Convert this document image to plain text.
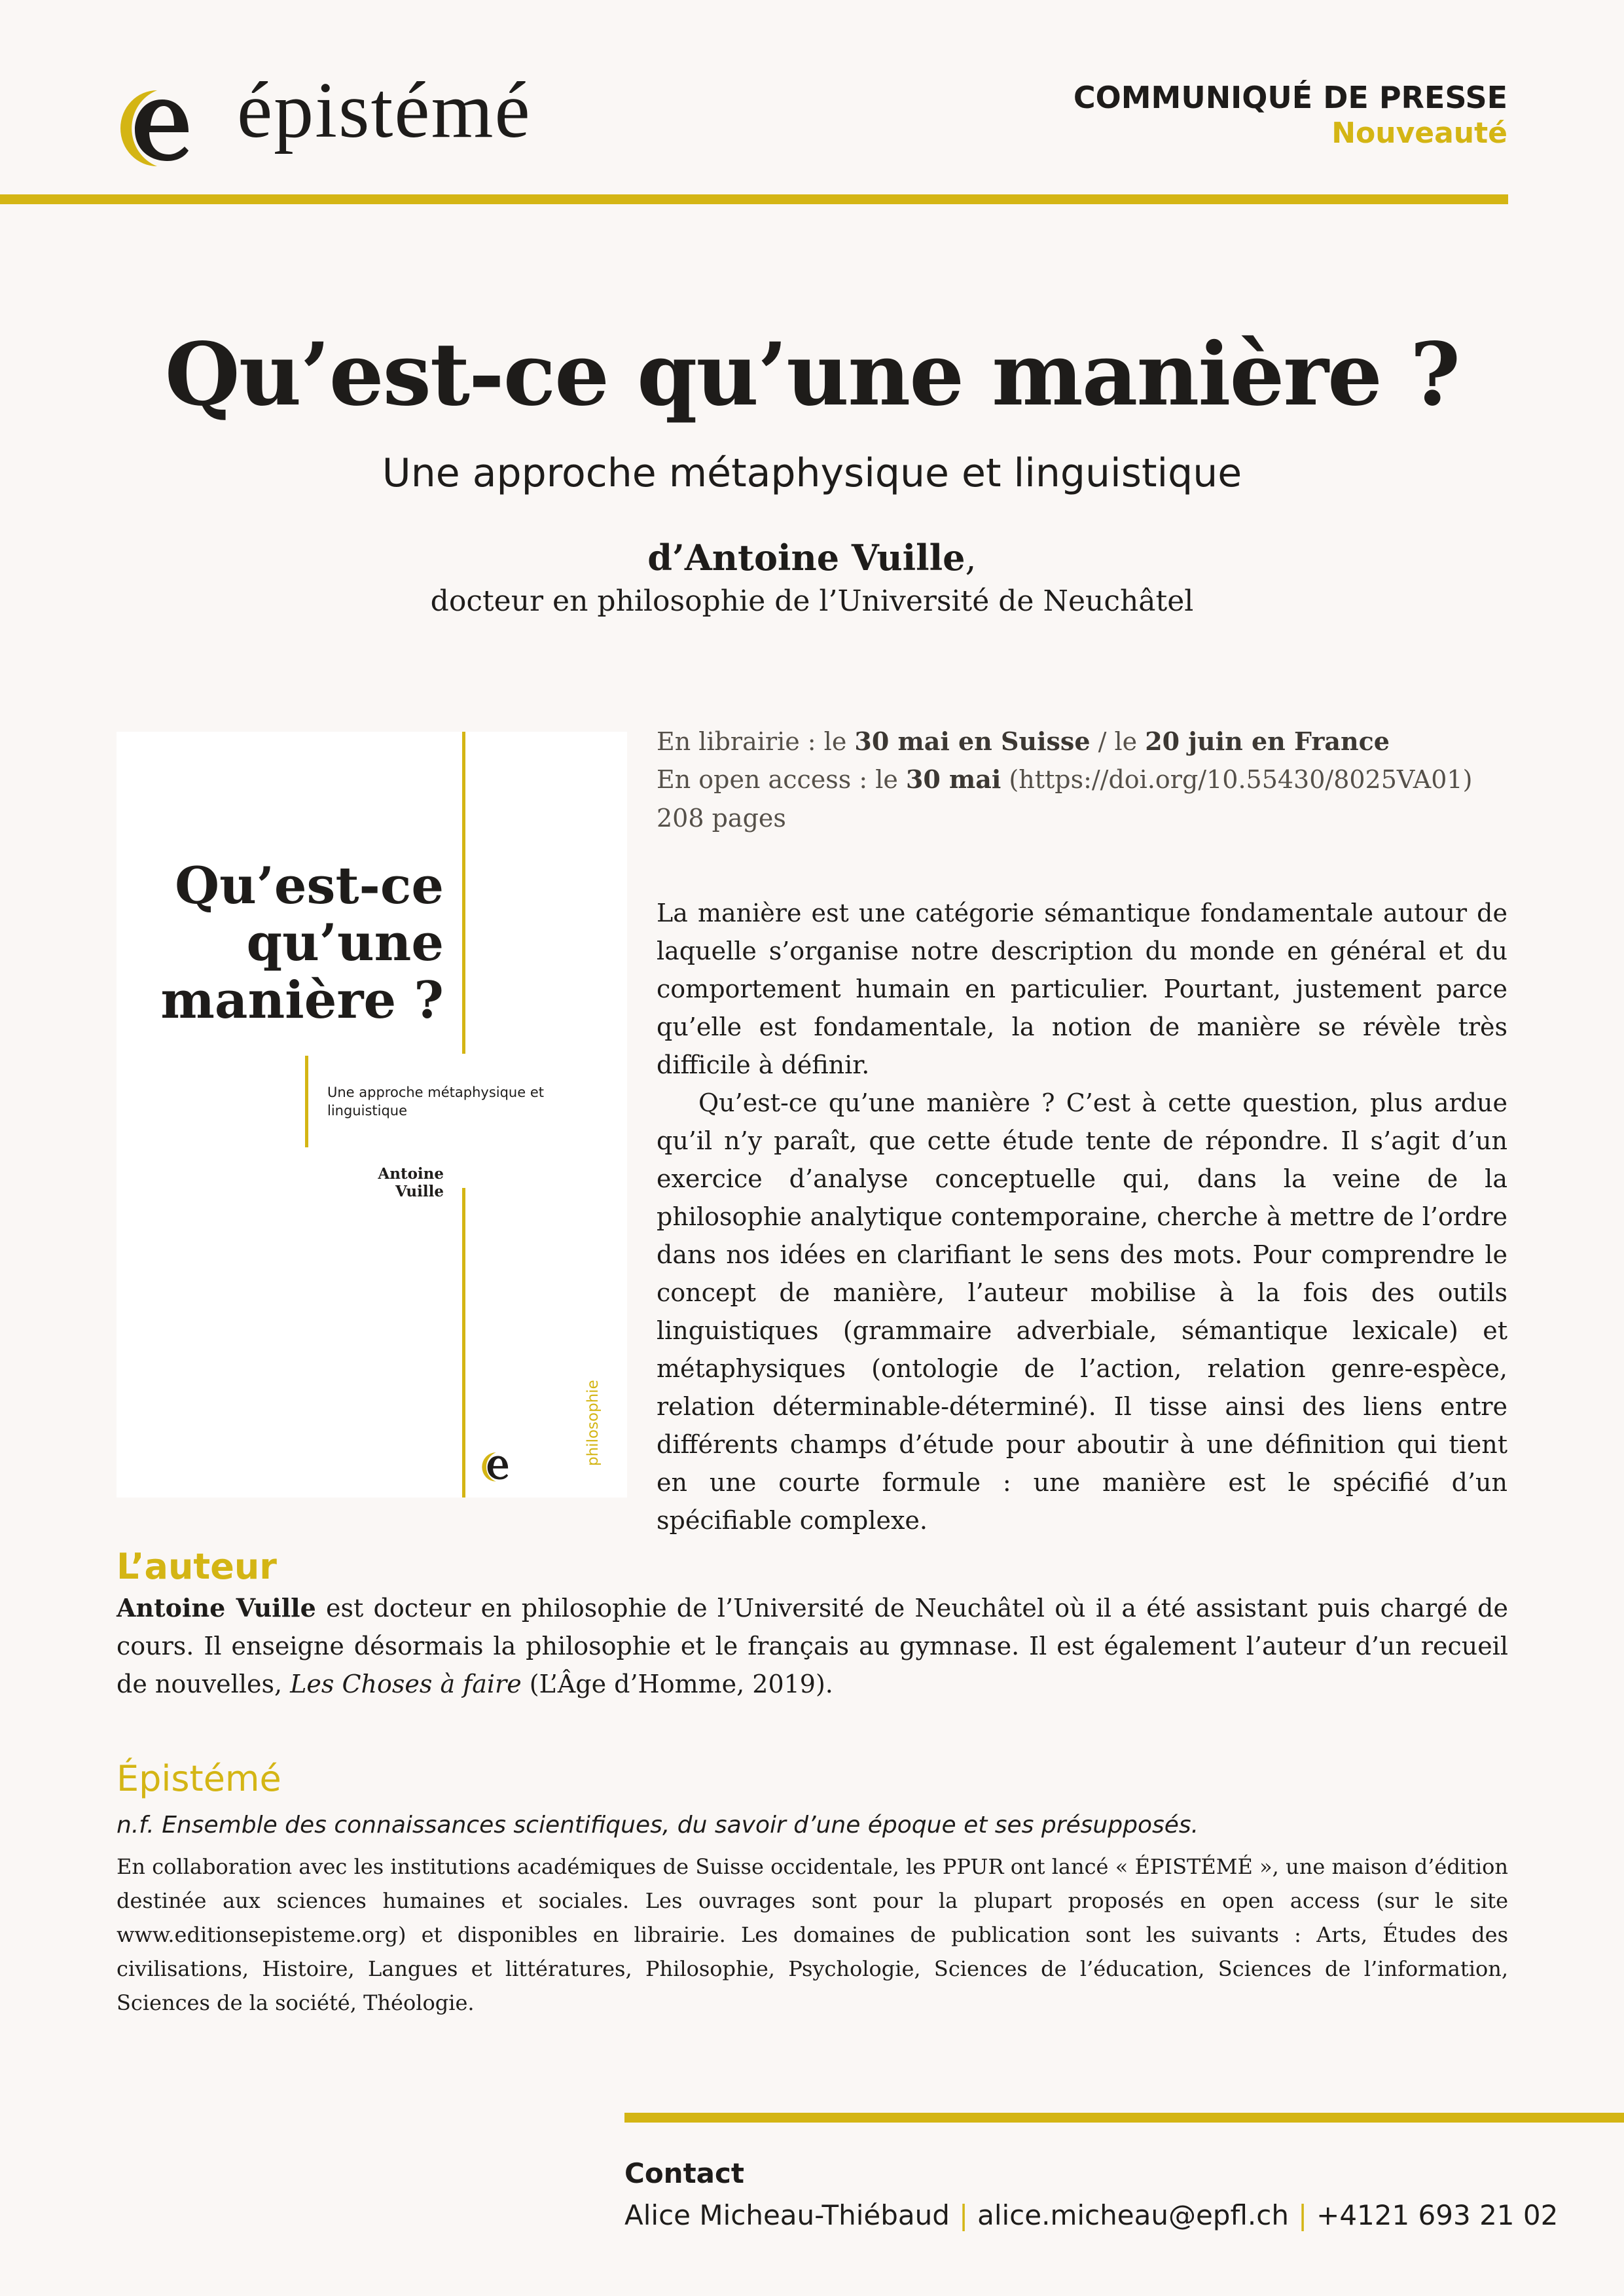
épistémé	COMMUNIQUÉ DE PRESSE
Nouveauté
Qu’est-ce qu’une manière ?
Une approche métaphysique et linguistique
d’Antoine Vuille,
docteur en philosophie de l’Université de Neuchâtel
Qu’est-ce qu’une manière ?
Une approche métaphysique et linguistique
Antoine Vuille
philosophie
En librairie : le 30 mai en Suisse / le 20 juin en France
En open access : le 30 mai (https://doi.org/10.55430/8025VA01)
208 pages

La manière est une catégorie sémantique fondamentale autour de laquelle s’organise notre description du monde en général et du comportement humain en particulier. Pourtant, justement parce qu’elle est fondamentale, la notion de manière se révèle très difficile à définir.

Qu’est-ce qu’une manière ? C’est à cette question, plus ardue qu’il n’y paraît, que cette étude tente de répondre. Il s’agit d’un exercice d’analyse conceptuelle qui, dans la veine de la philosophie analytique contemporaine, cherche à mettre de l’ordre dans nos idées en clarifiant le sens des mots. Pour comprendre le concept de manière, l’auteur mobilise à la fois des outils linguistiques (grammaire adverbiale, sémantique lexicale) et métaphysiques (ontologie de l’action, relation genre-espèce, relation déterminable-déterminé). Il tisse ainsi des liens entre différents champs d’étude pour aboutir à une définition qui tient en une courte formule : une manière est le spécifié d’un spécifiable complexe.

L’auteur
Antoine Vuille est docteur en philosophie de l’Université de Neuchâtel où il a été assistant puis chargé de cours. Il enseigne désormais la philosophie et le français au gymnase. Il est également l’auteur d’un recueil de nouvelles, Les Choses à faire (L’Âge d’Homme, 2019).
Épistémé
n.f. Ensemble des connaissances scientifiques, du savoir d’une époque et ses présupposés.
En collaboration avec les institutions académiques de Suisse occidentale, les PPUR ont lancé « ÉPISTÉMÉ », une maison d’édition destinée aux sciences humaines et sociales. Les ouvrages sont pour la plupart proposés en open access (sur le site www.editionsepisteme.org) et disponibles en librairie. Les domaines de publication sont les suivants : Arts, Études des civilisations, Histoire, Langues et littératures, Philosophie, Psychologie, Sciences de l’éducation, Sciences de l’information, Sciences de la société, Théologie.
Contact
Alice Micheau-Thiébaud | alice.micheau@epfl.ch | +4121 693 21 02
